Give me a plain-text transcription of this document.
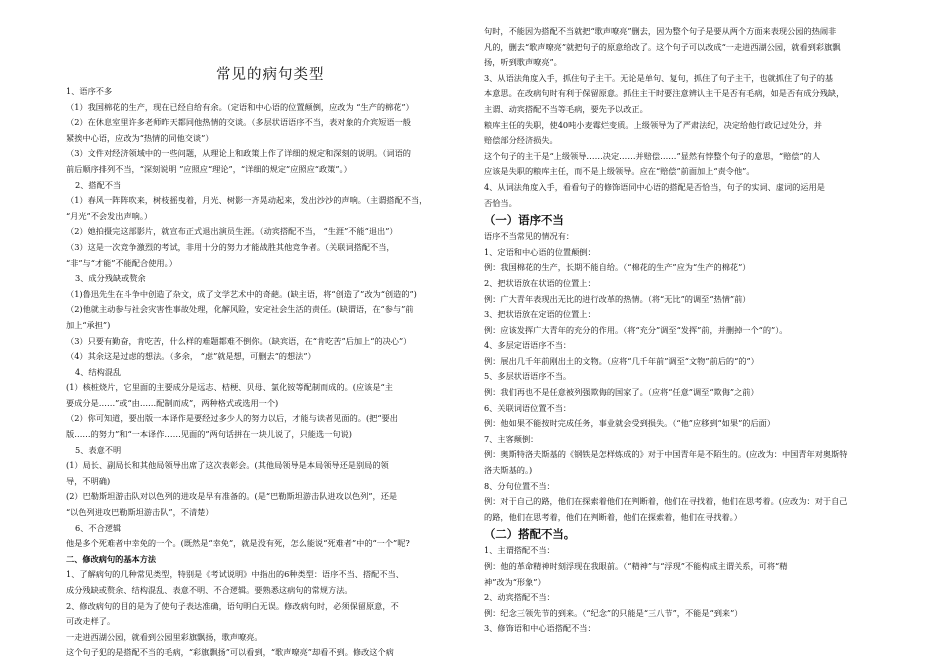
常见的病句类型
1、语序不多
（1）我国棉花的生产，现在已经自给有余。（定语和中心语的位置颠倒，应改为 “生产的棉花”）
（2）在休息室里许多老师昨天都同他热情的交谈。（多层状语语序不当，表对象的介宾短语一般
紧挨中心语，应改为“热情的同他交谈”）
（3）文件对经济领域中的一些问题，从理论上和政策上作了详细的规定和深刻的说明。（词语的
前后顺序排列不当，“深刻说明 ”应照应“理论”，“详细的规定”应照应“政策”。）
2、搭配不当
（1）春风一阵阵吹来，树枝摇曳着，月光、树影一齐晃动起来，发出沙沙的声响。（主谓搭配不当，
“月光”不会发出声响。）
（2）她拍摄完这部影片，就宣布正式退出演员生涯。（动宾搭配不当， “生涯”不能“退出”）
（3）这是一次竞争激烈的考试，非用十分的努力才能战胜其他竞争者。（关联词搭配不当，
“非”与“才能”不能配合使用。）
3、成分残缺或赘余
（1)鲁迅先生在斗争中创造了杂文，成了文学艺术中的奇葩。(缺主语，将“创造了”改为“创造的”)
（2)他就主动参与社会灾害性事故处理，化解风险，安定社会生活的责任。(缺谓语，在“参与”前
加上“承担”)
（3）只要有勤奋，肯吃苦，什么样的难题都难不倒你。（缺宾语，在“肯吃苦”后加上“的决心”）
（4）其余这是过虑的想法。（多余， “虑”就是想，可删去“的想法”）
4、结构混乱
(1）核桩烧片，它里面的主要成分是远志、桔梗、贝母、氯化铵等配制而成的。(应该是“主
要成分是……”或“由……配制而成”，两种格式或选用一个)
（2）你可知道，要出版一本译作是要经过多少人的努力以后，才能与读者见面的。(把“要出
版……的努力”和“一本译作……见面的”两句话拼在一块儿说了，只能选一句说)
5、表意不明
(1）局长、副局长和其他局领导出席了这次表彰会。(其他局领导是本局领导还是别局的领
导，不明确)
(2）巴勒斯坦游击队对以色列的进攻是早有准备的。(是“巴勒斯坦游击队进攻以色列”，还是
“以色列进攻巴勒斯坦游击队”，不清楚）
6、不合逻辑
他是多个死难者中幸免的一个。(既然是“幸免”，就是没有死，怎么能说“死难者”中的“一个”呢?
二、修改病句的基本方法
1、了解病句的几种常见类型，特别是《考试说明》中指出的6种类型：语序不当、搭配不当、
成分残缺或赘余、结构混乱、表意不明、不合逻辑。要熟悉这病句的常规方法。
2、修改病句的目的是为了使句子表达准确，语句明白无误。修改病句时，必须保留原意，不
可改走样了。
一走进西湖公园，就看到公园里彩旗飘扬，歌声嘹亮。
这个句子犯的是搭配不当的毛病，“彩旗飘扬”可以看到，“歌声嘹亮”却看不到。修改这个病
句时，不能因为搭配不当就把“歌声嘹亮”删去，因为整个句子是要从两个方面来表现公园的热闹非
凡的，删去“歌声嘹亮”就把句子的原意给改了。这个句子可以改成“一走进西湖公园，就看到彩旗飘
扬，听到歌声嘹亮”。
3、从语法角度入手，抓住句子主干。无论是单句、复句，抓住了句子主干，也就抓住了句子的基
本意思。在改病句时有利于保留原意。抓住主干时要注意辨认主干是否有毛病，如是否有成分残缺，
主谓、动宾搭配不当等毛病，要先予以改正。
粮库主任的失职，使40吨小麦霉烂变质。上级领导为了严肃法纪，决定给他行政记过处分，并
赔偿部分经济损失。
这个句子的主干是“上级领导……决定……并赔偿……”显然有悖整个句子的意思，“赔偿”的人
应该是失职的粮库主任，而不是上级领导。应在“赔偿”前面加上“责令他”。
4、从词法角度入手，看看句子的修饰语同中心语的搭配是否恰当，句子的实词、虚词的运用是
否恰当。
（一）语序不当
语序不当常见的情况有：
1、定语和中心语的位置颠倒：
例：我国棉花的生产，长期不能自给。（“棉花的生产”应为“生产的棉花”）
2、把状语放在状语的位置上：
例：广大青年表现出无比的进行改革的热情。（将“无比”的调至“热情”前）
3、把状语放在定语的位置上：
例：应该发挥广大青年的充分的作用。（将“充分”调至“发挥”前，并删掉一个“的”）。
4、多层定语语序不当：
例：展出几千年前刚出土的文物。（应将“几千年前”调至“文物”前后的“的”）
5、多层状语语序不当。
例：我们再也不是任意被列强欺侮的国家了。（应将“任意”调至“欺侮”之前）
6、关联词语位置不当：
例：他如果不能按时完成任务，事业就会受到损失。（“他”应移到“如果”的后面）
7、主客颠倒：
例：奥斯特洛夫斯基的《钢铁是怎样炼成的》对于中国青年是不陌生的。(应改为：中国青年对奥斯特
洛夫斯基的。)
8、分句位置不当：
例：对于自己的路，他们在探索着他们在判断着，他们在寻找着，他们在思考着。(应改为：对于自己
的路，他们在思考着，他们在判断着，他们在探索着，他们在寻找着。）
（二）搭配不当。
1、主谓搭配不当：
例：他的革命精神时刻浮现在我眼前。（“精神”与“浮现”不能构成主谓关系，可将“精
神”改为“形象”）
2、动宾搭配不当：
例：纪念三领先节的到来。（“纪念”的只能是“三八节”，不能是“到来”）
3、修饰语和中心语搭配不当：
